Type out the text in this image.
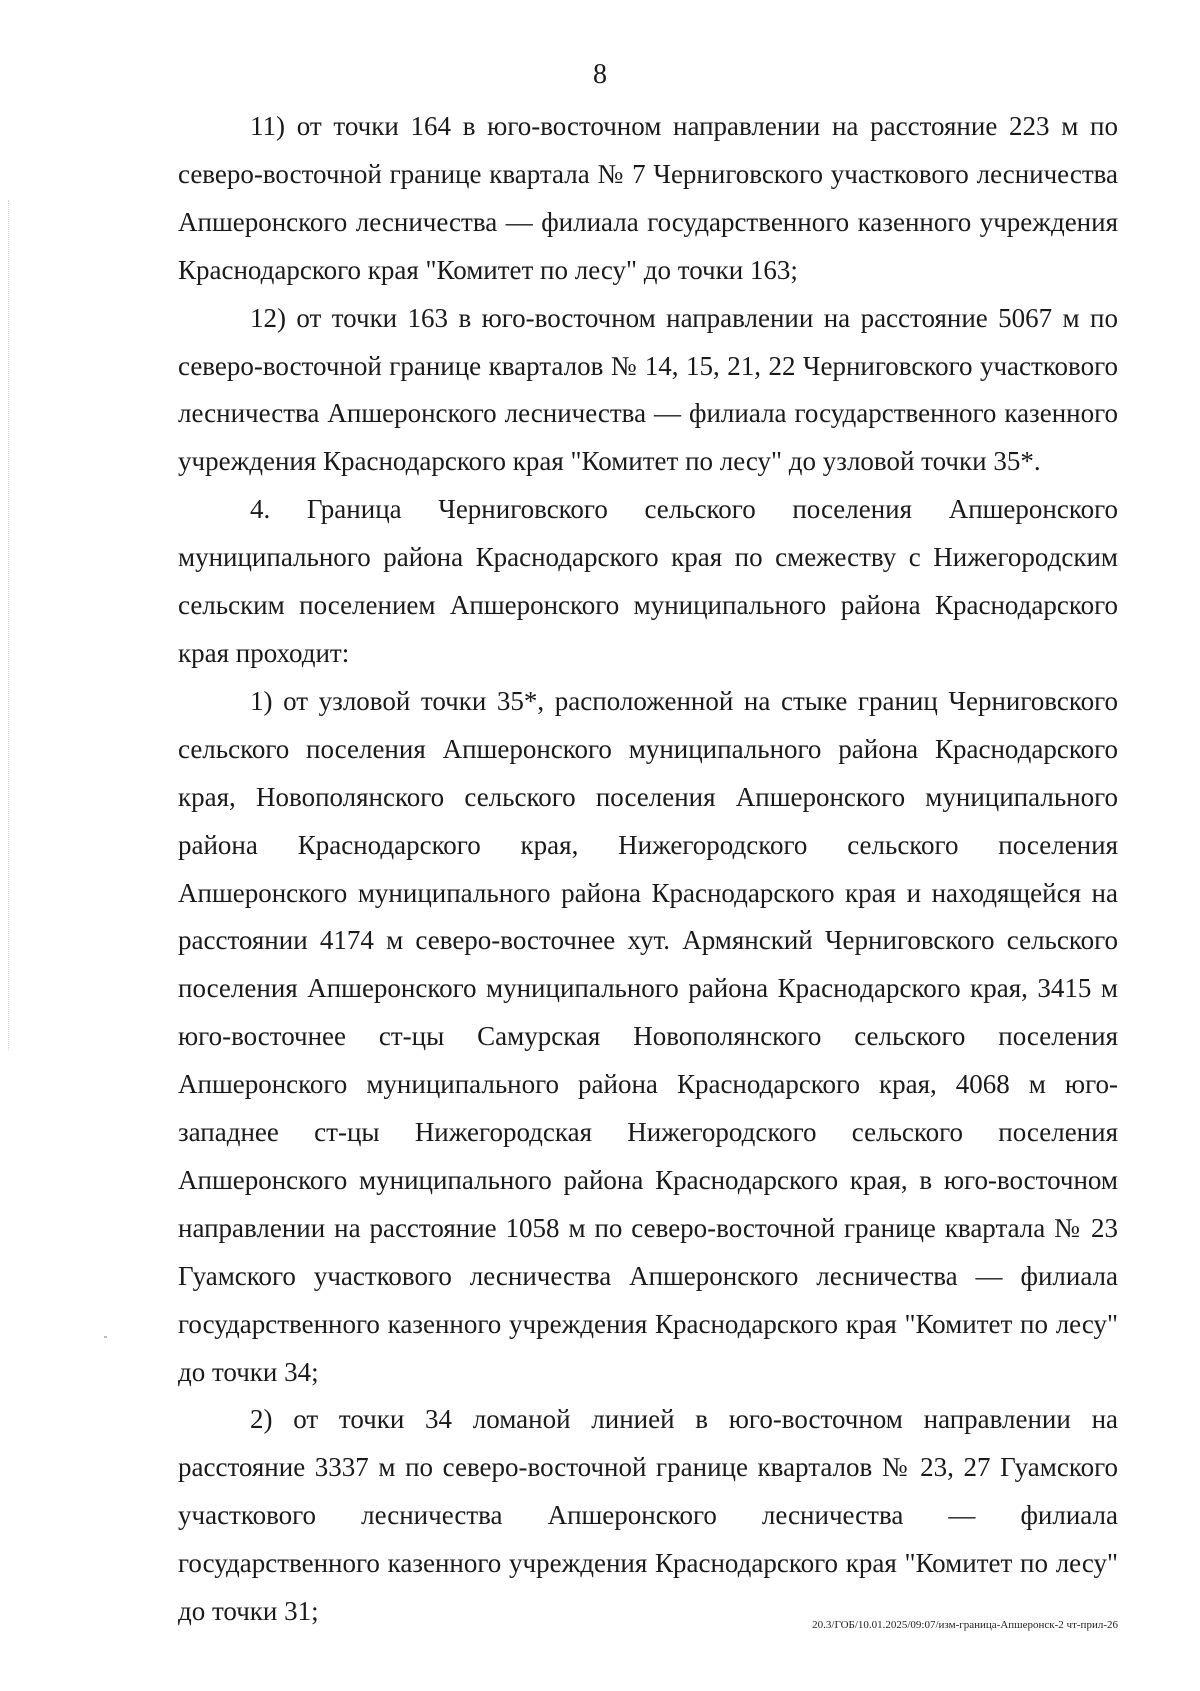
8

11) от точки 164 в юго-восточном направлении на расстояние 223 м по северо-восточной границе квартала № 7 Черниговского участкового лесничества Апшеронского лесничества — филиала государственного казенного учреждения Краснодарского края "Комитет по лесу" до точки 163;

12) от точки 163 в юго-восточном направлении на расстояние 5067 м по северо-восточной границе кварталов № 14, 15, 21, 22 Черниговского участкового лесничества Апшеронского лесничества — филиала государственного казенного учреждения Краснодарского края "Комитет по лесу" до узловой точки 35*.

4. Граница Черниговского сельского поселения Апшеронского муниципального района Краснодарского края по смежеству с Нижегородским сельским поселением Апшеронского муниципального района Краснодарского края проходит:

1) от узловой точки 35*, расположенной на стыке границ Черниговского сельского поселения Апшеронского муниципального района Краснодарского края, Новополянского сельского поселения Апшеронского муниципального района Краснодарского края, Нижегородского сельского поселения Апшеронского муниципального района Краснодарского края и находящейся на расстоянии 4174 м северо-восточнее хут. Армянский Черниговского сельского поселения Апшеронского муниципального района Краснодарского края, 3415 м юго-восточнее ст-цы Самурская Новополянского сельского поселения Апшеронского муниципального района Краснодарского края, 4068 м юго-западнее ст-цы Нижегородская Нижегородского сельского поселения Апшеронского муниципального района Краснодарского края, в юго-восточном направлении на расстояние 1058 м по северо-восточной границе квартала № 23 Гуамского участкового лесничества Апшеронского лесничества — филиала государственного казенного учреждения Краснодарского края "Комитет по лесу" до точки 34;

2) от точки 34 ломаной линией в юго-восточном направлении на расстояние 3337 м по северо-восточной границе кварталов № 23, 27 Гуамского участкового лесничества Апшеронского лесничества — филиала государственного казенного учреждения Краснодарского края "Комитет по лесу" до точки 31;	20.3/ГОБ/10.01.2025/09:07/изм-граница-Апшеронск-2 чт-прил-26
